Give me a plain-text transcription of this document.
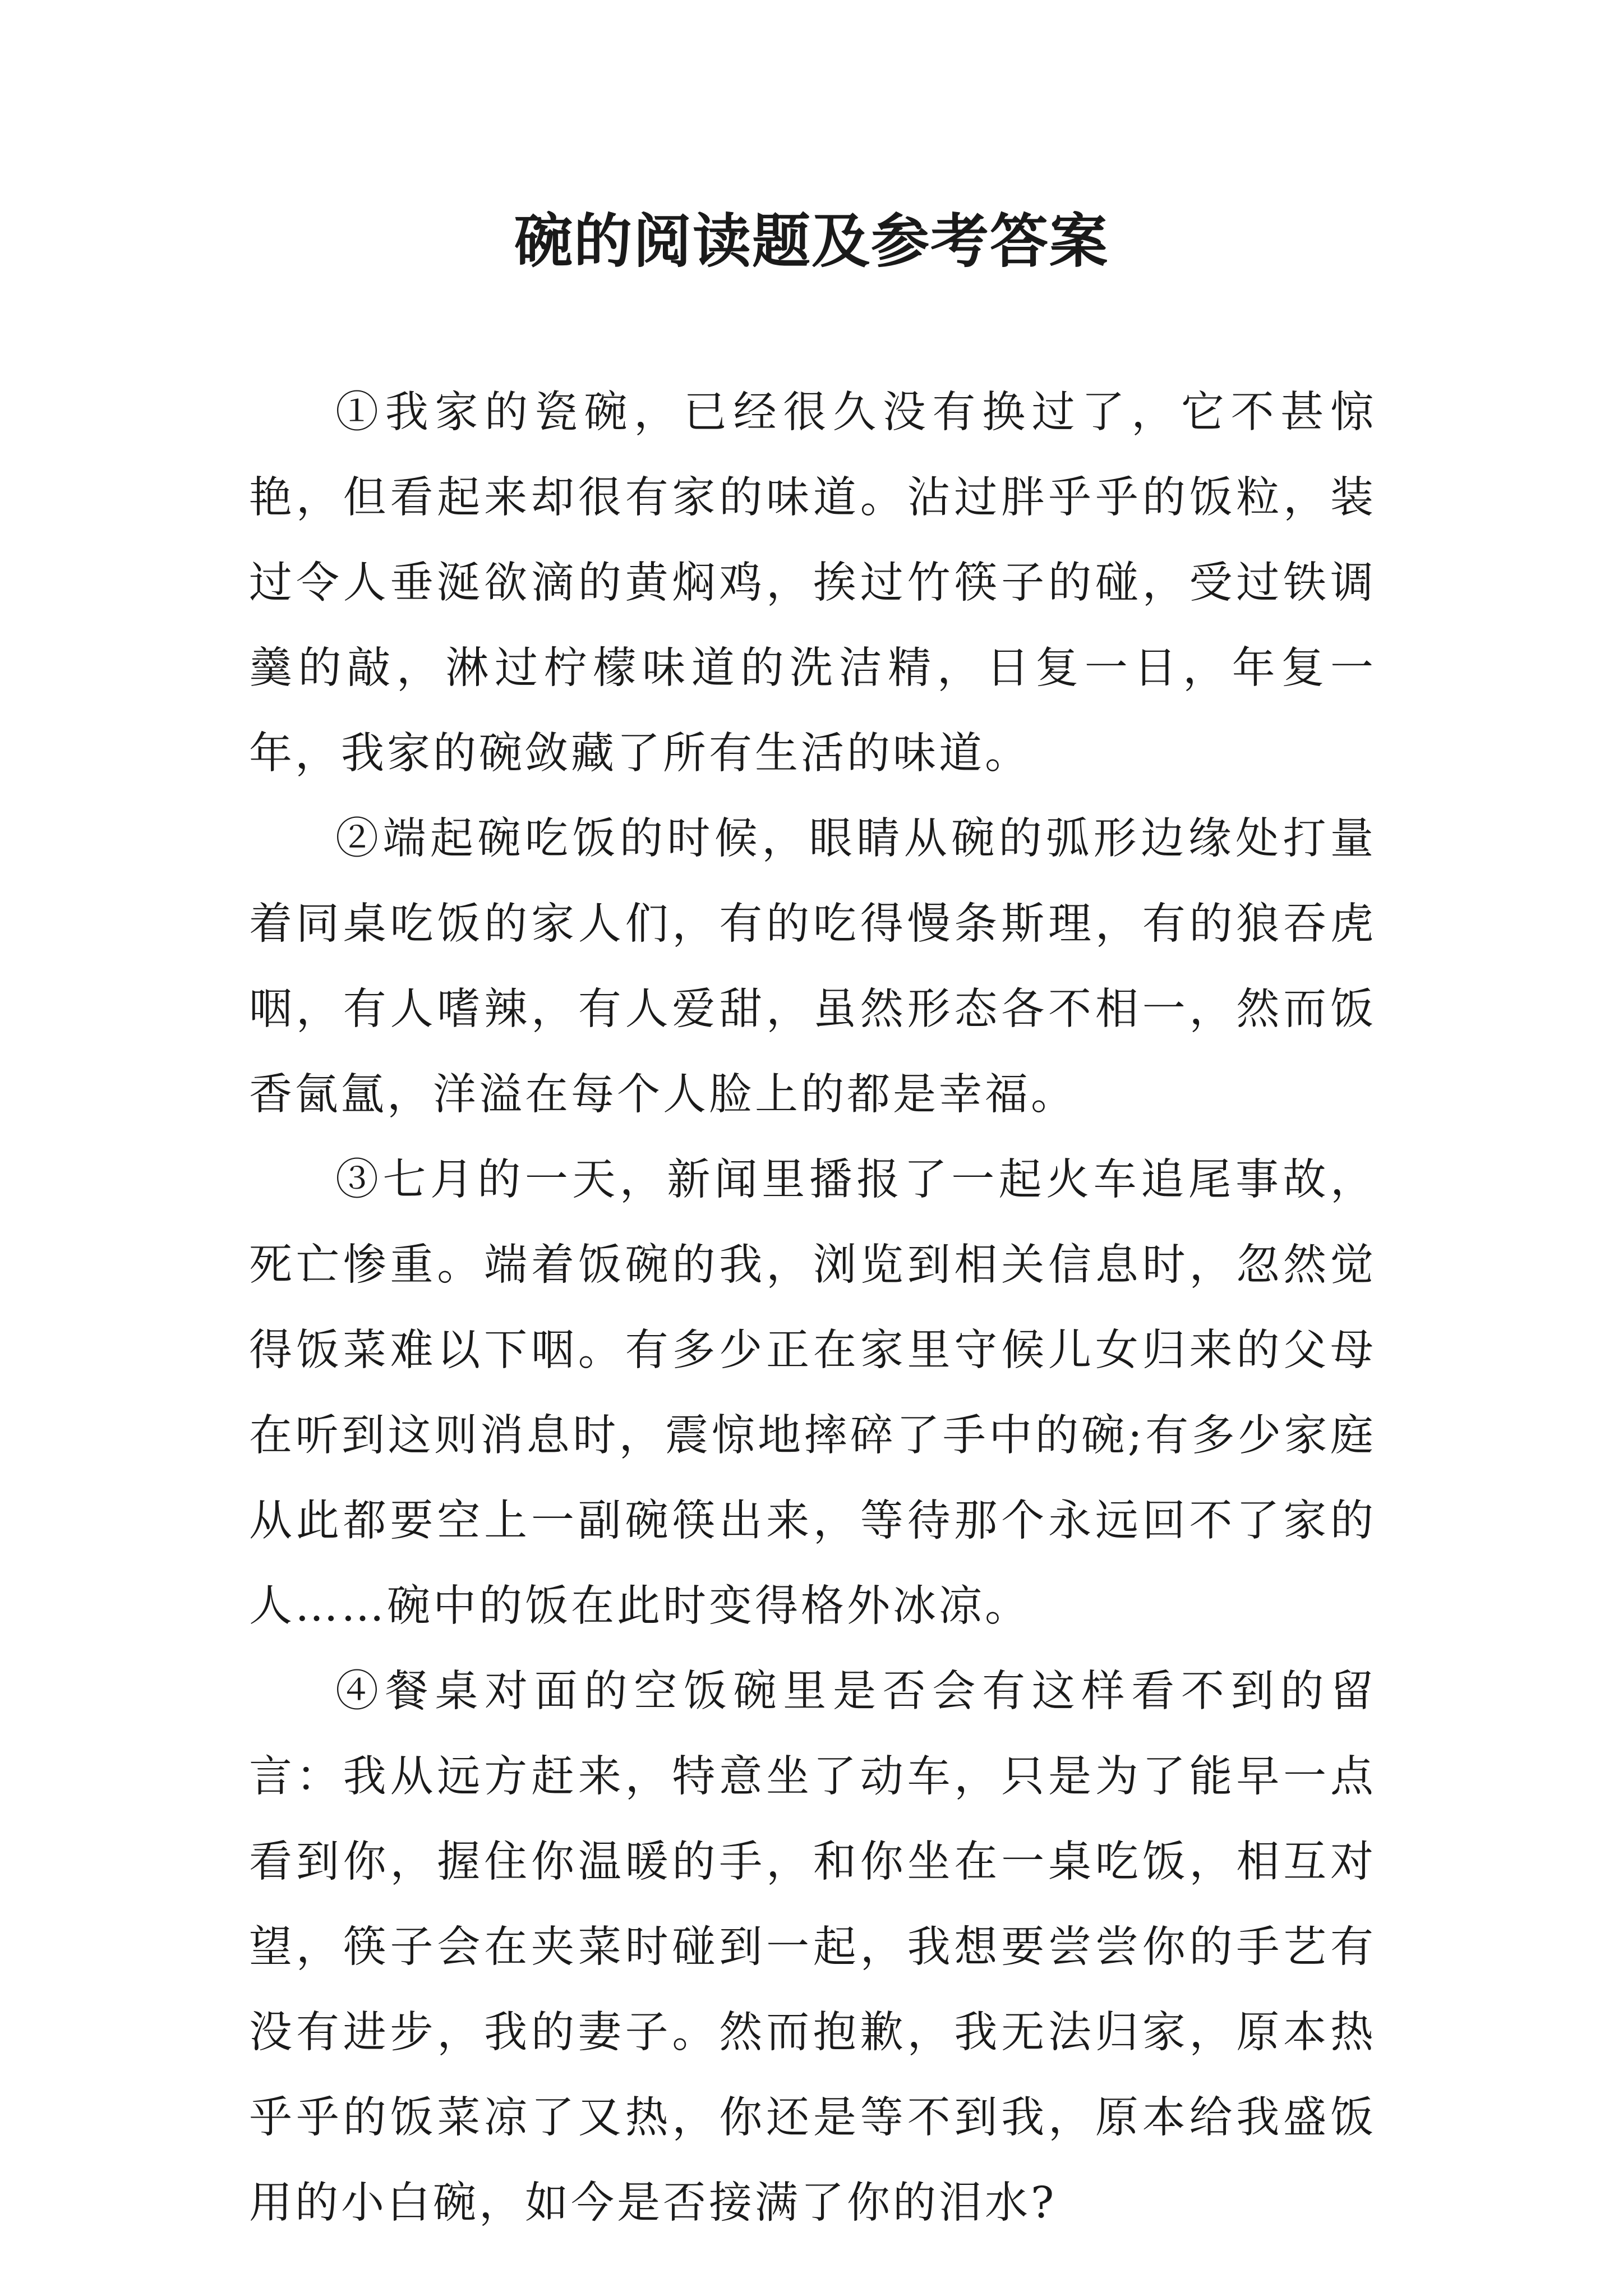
碗的阅读题及参考答案

①我家的瓷碗，已经很久没有换过了，它不甚惊艳，但看起来却很有家的味道。沾过胖乎乎的饭粒，装过令人垂涎欲滴的黄焖鸡，挨过竹筷子的碰，受过铁调羹的敲，淋过柠檬味道的洗洁精，日复一日，年复一年，我家的碗敛藏了所有生活的味道。

②端起碗吃饭的时候，眼睛从碗的弧形边缘处打量着同桌吃饭的家人们，有的吃得慢条斯理，有的狼吞虎咽，有人嗜辣，有人爱甜，虽然形态各不相一，然而饭香氤氲，洋溢在每个人脸上的都是幸福。

③七月的一天，新闻里播报了一起火车追尾事故，死亡惨重。端着饭碗的我，浏览到相关信息时，忽然觉得饭菜难以下咽。有多少正在家里守候儿女归来的父母在听到这则消息时，震惊地摔碎了手中的碗;有多少家庭从此都要空上一副碗筷出来，等待那个永远回不了家的人……碗中的饭在此时变得格外冰凉。

④餐桌对面的空饭碗里是否会有这样看不到的留言：我从远方赶来，特意坐了动车，只是为了能早一点看到你，握住你温暖的手，和你坐在一桌吃饭，相互对望，筷子会在夹菜时碰到一起，我想要尝尝你的手艺有没有进步，我的妻子。然而抱歉，我无法归家，原本热乎乎的饭菜凉了又热，你还是等不到我，原本给我盛饭用的小白碗，如今是否接满了你的泪水?
